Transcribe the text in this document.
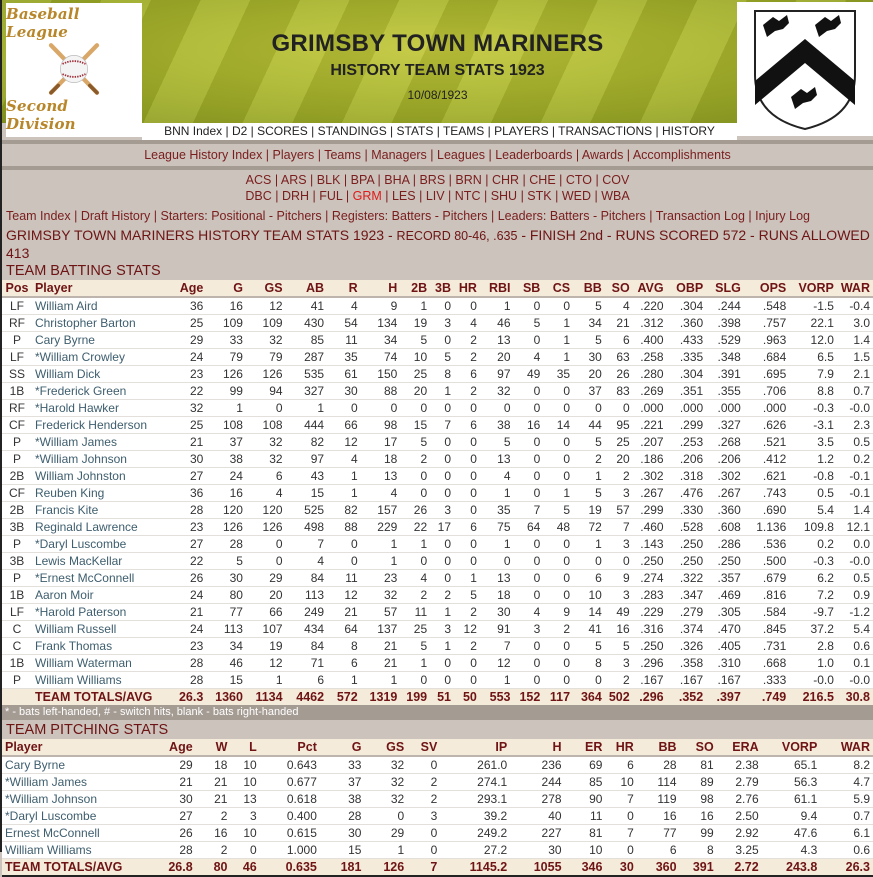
Baseball League
Second Division
GRIMSBY TOWN MARINERS
HISTORY TEAM STATS 1923
10/08/1923
BNN Index | D2 | SCORES | STANDINGS | STATS | TEAMS | PLAYERS | TRANSACTIONS | HISTORY
League History Index | Players | Teams | Managers | Leagues | Leaderboards | Awards | Accomplishments
ACS | ARS | BLK | BPA | BHA | BRS | BRN | CHR | CHE | CTO | COV
DBC | DRH | FUL | GRM | LES | LIV | NTC | SHU | STK | WED | WBA
Team Index | Draft History | Starters: Positional - Pitchers | Registers: Batters - Pitchers | Leaders: Batters - Pitchers | Transaction Log | Injury Log
GRIMSBY TOWN MARINERS HISTORY TEAM STATS 1923 - RECORD 80-46, .635 - FINISH 2nd - RUNS SCORED 572 - RUNS ALLOWED 413
TEAM BATTING STATS
Pos	Player	Age	G	GS	AB	R	H	2B	3B	HR	RBI	SB	CS	BB	SO	AVG	OBP	SLG	OPS	VORP	WAR
LF	William Aird	36	16	12	41	4	9	1	0	0	1	0	0	5	4	.220	.304	.244	.548	-1.5	-0.4
RF	Christopher Barton	25	109	109	430	54	134	19	3	4	46	5	1	34	21	.312	.360	.398	.757	22.1	3.0
P	Cary Byrne	29	33	32	85	11	34	5	0	2	13	0	1	5	6	.400	.433	.529	.963	12.0	1.4
LF	*William Crowley	24	79	79	287	35	74	10	5	2	20	4	1	30	63	.258	.335	.348	.684	6.5	1.5
SS	William Dick	23	126	126	535	61	150	25	8	6	97	49	35	20	26	.280	.304	.391	.695	7.9	2.1
1B	*Frederick Green	22	99	94	327	30	88	20	1	2	32	0	0	37	83	.269	.351	.355	.706	8.8	0.7
RF	*Harold Hawker	32	1	0	1	0	0	0	0	0	0	0	0	0	0	.000	.000	.000	.000	-0.3	-0.0
CF	Frederick Henderson	25	108	108	444	66	98	15	7	6	38	16	14	44	95	.221	.299	.327	.626	-3.1	2.3
P	*William James	21	37	32	82	12	17	5	0	0	5	0	0	5	25	.207	.253	.268	.521	3.5	0.5
P	*William Johnson	30	38	32	97	4	18	2	0	0	13	0	0	2	20	.186	.206	.206	.412	1.2	0.2
2B	William Johnston	27	24	6	43	1	13	0	0	0	4	0	0	1	2	.302	.318	.302	.621	-0.8	-0.1
CF	Reuben King	36	16	4	15	1	4	0	0	0	1	0	1	5	3	.267	.476	.267	.743	0.5	-0.1
2B	Francis Kite	28	120	120	525	82	157	26	3	0	35	7	5	19	57	.299	.330	.360	.690	5.4	1.4
3B	Reginald Lawrence	23	126	126	498	88	229	22	17	6	75	64	48	72	7	.460	.528	.608	1.136	109.8	12.1
P	*Daryl Luscombe	27	28	0	7	0	1	1	0	0	1	0	0	1	3	.143	.250	.286	.536	0.2	0.0
3B	Lewis MacKellar	22	5	0	4	0	1	0	0	0	0	0	0	0	0	.250	.250	.250	.500	-0.3	-0.0
P	*Ernest McConnell	26	30	29	84	11	23	4	0	1	13	0	0	6	9	.274	.322	.357	.679	6.2	0.5
1B	Aaron Moir	24	80	20	113	12	32	2	2	5	18	0	0	10	3	.283	.347	.469	.816	7.2	0.9
LF	*Harold Paterson	21	77	66	249	21	57	11	1	2	30	4	9	14	49	.229	.279	.305	.584	-9.7	-1.2
C	William Russell	24	113	107	434	64	137	25	3	12	91	3	2	41	16	.316	.374	.470	.845	37.2	5.4
C	Frank Thomas	23	34	19	84	8	21	5	1	2	7	0	0	5	5	.250	.326	.405	.731	2.8	0.6
1B	William Waterman	28	46	12	71	6	21	1	0	0	12	0	0	8	3	.296	.358	.310	.668	1.0	0.1
P	William Williams	28	15	1	6	1	1	0	0	0	1	0	0	0	2	.167	.167	.167	.333	-0.0	-0.0
	TEAM TOTALS/AVG	26.3	1360	1134	4462	572	1319	199	51	50	553	152	117	364	502	.296	.352	.397	.749	216.5	30.8
* - bats left-handed, # - switch hits, blank - bats right-handed
TEAM PITCHING STATS
Player	Age	W	L	Pct	G	GS	SV	IP	H	ER	HR	BB	SO	ERA	VORP	WAR
Cary Byrne	29	18	10	0.643	33	32	0	261.0	236	69	6	28	81	2.38	65.1	8.2
*William James	21	21	10	0.677	37	32	2	274.1	244	85	10	114	89	2.79	56.3	4.7
*William Johnson	30	21	13	0.618	38	32	2	293.1	278	90	7	119	98	2.76	61.1	5.9
*Daryl Luscombe	27	2	3	0.400	28	0	3	39.2	40	11	0	16	16	2.50	9.4	0.7
Ernest McConnell	26	16	10	0.615	30	29	0	249.2	227	81	7	77	99	2.92	47.6	6.1
William Williams	28	2	0	1.000	15	1	0	27.2	30	10	0	6	8	3.25	4.3	0.6
TEAM TOTALS/AVG	26.8	80	46	0.635	181	126	7	1145.2	1055	346	30	360	391	2.72	243.8	26.3
